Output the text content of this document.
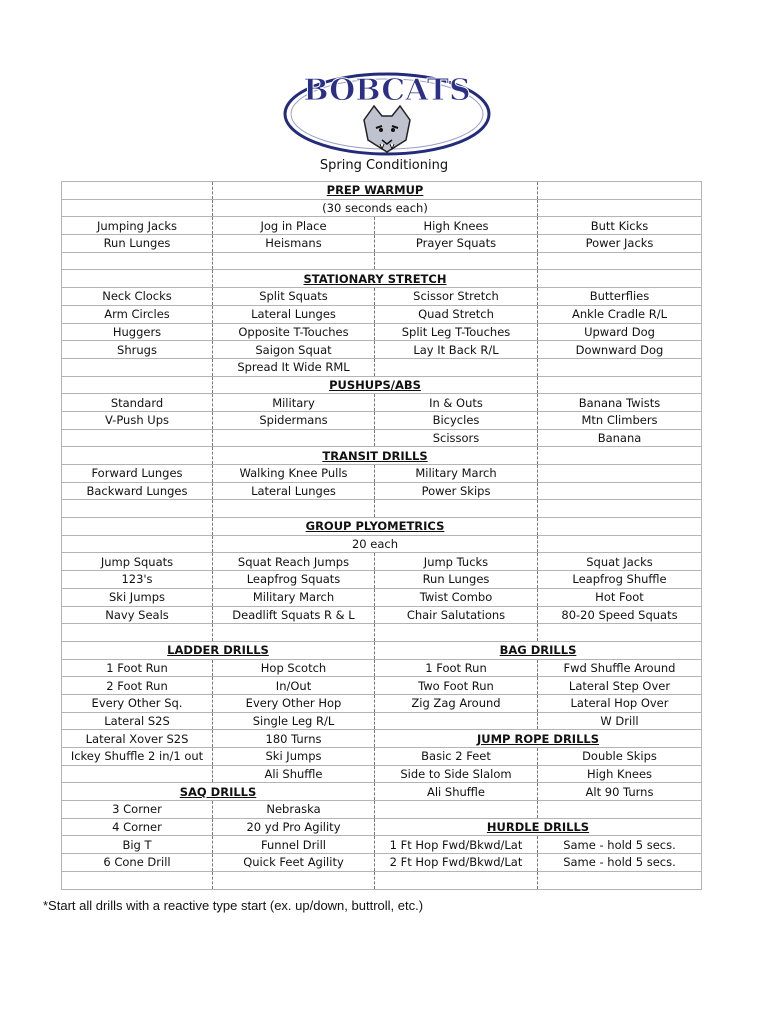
BOBCATS
Spring Conditioning
	PREP WARMUP		
	(30 seconds each)		
Jumping Jacks	Jog in Place	High Knees	Butt Kicks
Run Lunges	Heismans	Prayer Squats	Power Jacks

	STATIONARY STRETCH		
Neck Clocks	Split Squats	Scissor Stretch	Butterflies
Arm Circles	Lateral Lunges	Quad Stretch	Ankle Cradle R/L
Huggers	Opposite T-Touches	Split Leg T-Touches	Upward Dog
Shrugs	Saigon Squat	Lay It Back R/L	Downward Dog
	Spread It Wide RML		
	PUSHUPS/ABS		
Standard	Military	In & Outs	Banana Twists
V-Push Ups	Spidermans	Bicycles	Mtn Climbers
		Scissors	Banana
	TRANSIT DRILLS		
Forward Lunges	Walking Knee Pulls	Military March	
Backward Lunges	Lateral Lunges	Power Skips	

	GROUP PLYOMETRICS		
	20 each		
Jump Squats	Squat Reach Jumps	Jump Tucks	Squat Jacks
123's	Leapfrog Squats	Run Lunges	Leapfrog Shuffle
Ski Jumps	Military March	Twist Combo	Hot Foot
Navy Seals	Deadlift Squats R & L	Chair Salutations	80-20 Speed Squats

LADDER DRILLS		BAG DRILLS	
1 Foot Run	Hop Scotch	1 Foot Run	Fwd Shuffle Around
2 Foot Run	In/Out	Two Foot Run	Lateral Step Over
Every Other Sq.	Every Other Hop	Zig Zag Around	Lateral Hop Over
Lateral S2S	Single Leg R/L		W Drill
Lateral Xover S2S	180 Turns	JUMP ROPE DRILLS	
Ickey Shuffle 2 in/1 out	Ski Jumps	Basic 2 Feet	Double Skips
	Ali Shuffle	Side to Side Slalom	High Knees
SAQ DRILLS		Ali Shuffle	Alt 90 Turns
3 Corner	Nebraska		
4 Corner	20 yd Pro Agility	HURDLE DRILLS	
Big T	Funnel Drill	1 Ft Hop Fwd/Bkwd/Lat	Same - hold 5 secs.
6 Cone Drill	Quick Feet Agility	2 Ft Hop Fwd/Bkwd/Lat	Same - hold 5 secs.

*Start all drills with a reactive type start (ex. up/down, buttroll, etc.)
